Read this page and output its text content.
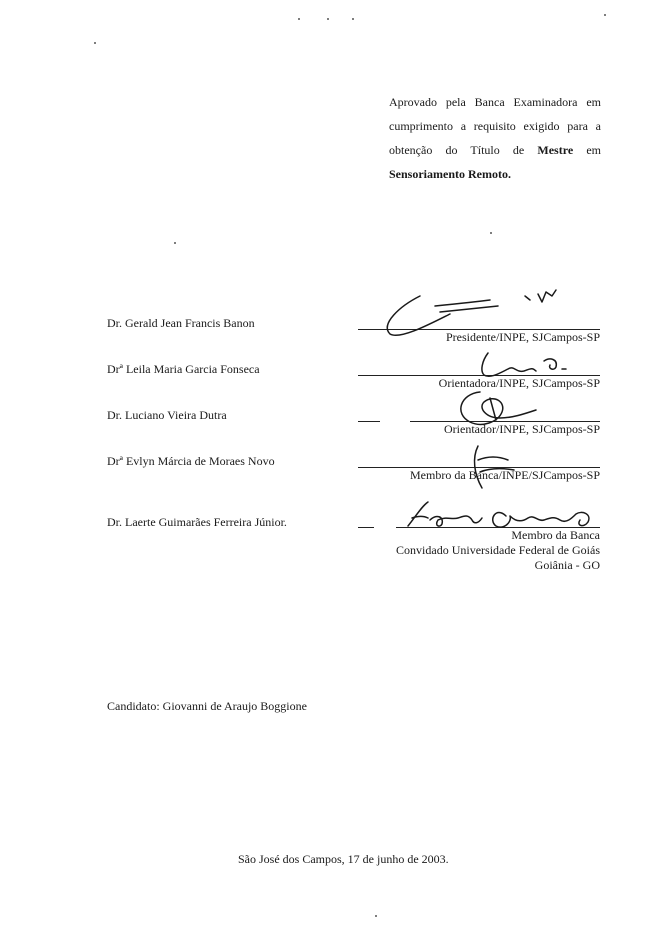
Aprovado pela Banca Examinadora em
cumprimento a requisito exigido para a
obtenção do Título de Mestre em
Sensoriamento Remoto.
Dr. Gerald Jean Francis Banon
Presidente/INPE, SJCampos-SP
Drª Leila Maria Garcia Fonseca
Orientadora/INPE, SJCampos-SP
Dr. Luciano Vieira Dutra
Orientador/INPE, SJCampos-SP
Drª Evlyn Márcia de Moraes Novo
Membro da Banca/INPE/SJCampos-SP
Dr. Laerte Guimarães Ferreira Júnior.
Membro da Banca
Convidado Universidade Federal de Goiás
Goiânia - GO
Candidato: Giovanni de Araujo Boggione
São José dos Campos, 17 de junho de 2003.
